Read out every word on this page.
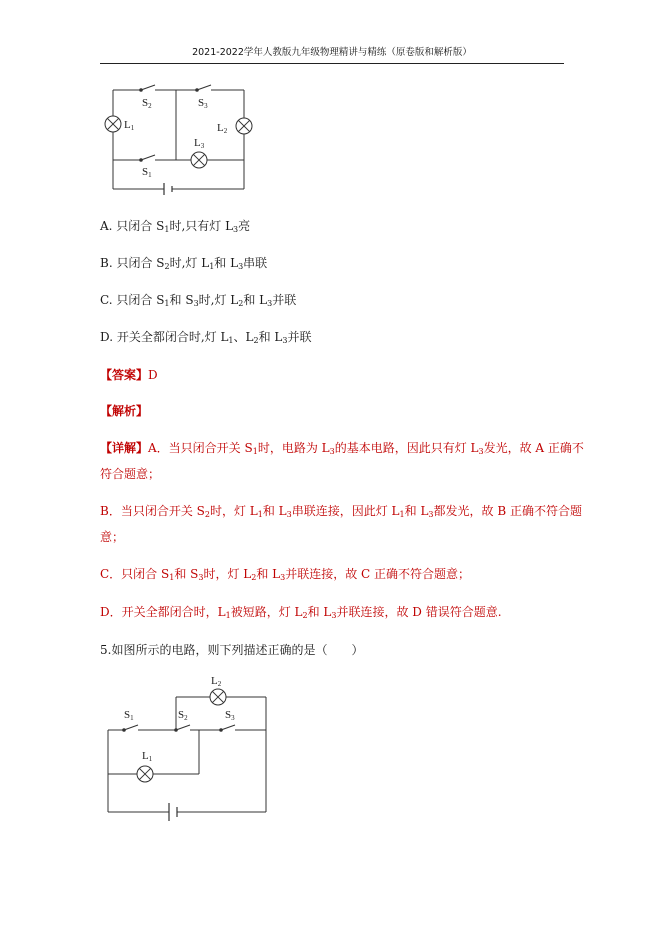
2021-2022学年人教版九年级物理精讲与精练（原卷版和解析版）
S2	S3
S1
L1	L2
L3
A. 只闭合 $S_1$时,只有灯 $L_3$亮
B. 只闭合 $S_2$时,灯 $L_1$和 $L_3$串联
C. 只闭合 $S_1$和 $S_3$时,灯 $L_2$和 $L_3$并联
D. 开关全都闭合时,灯 $L_1$、$L_2$和 $L_3$并联
【答案】D
【解析】
【详解】A．当只闭合开关 $S_1$时，电路为 $L_3$的基本电路，因此只有灯 $L_3$发光，故 A 正确不
符合题意；
B．当只闭合开关 $S_2$时，灯 $L_1$和 $L_3$串联连接，因此灯 $L_1$和 $L_3$都发光，故 B 正确不符合题
意；
C．只闭合 $S_1$和 $S_3$时，灯 $L_2$和 $L_3$并联连接，故 C 正确不符合题意；
D．开关全都闭合时，$L_1$被短路，灯 $L_2$和 $L_3$并联连接，故 D 错误符合题意.
5.如图所示的电路，则下列描述正确的是（　　）
L2
S1	S2	S3
L1
